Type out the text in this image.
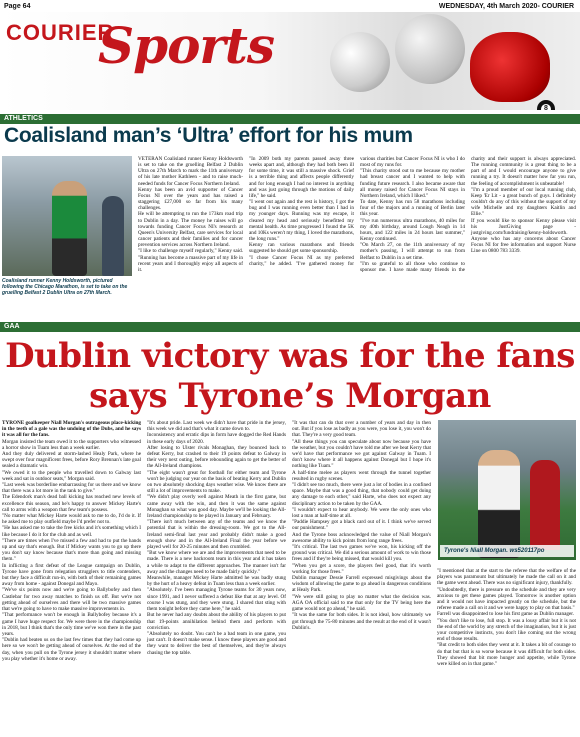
Page 64	WEDNESDAY, 4th March 2020- COURIER
COURIER
Sports
8
ATHLETICS
Coalisland man’s ‘Ultra’ effort for his mum
Coalisland runner Kenny Holdsworth, pictured following the Chicago Marathon, is set to take on the gruelling Belfast 2 Dublin Ultra on 27th March.

VETERAN Coalisland runner Kenny Holdsworth is set to take on the gruelling Belfast 2 Dublin Ultra on 27th March to mark the 11th anniversary of his late mother Kathleen - and to raise much-needed funds for Cancer Focus Northern Ireland.

Kenny has been an avid supporter of Cancer Focus NI over the years and has raised a staggering £27,000 so far from his many challenges.

He will be attempting to run the 173km road trip to Dublin in a day. The money he raises will go towards funding Cancer Focus NI's research at Queen's University Belfast, care services for local cancer patients and their families and for cancer prevention services across Northern Ireland.

"I like to challenge myself regularly," Kenny said. "Running has become a massive part of my life in recent years and I thoroughly enjoy all aspects of it.

"In 2009 both my parents passed away three weeks apart and, although they had both been ill for some time, it was still a massive shock. Grief is a terrible thing and affects people differently and for long enough I had no interest in anything and was just going through the motions of daily life," he said.

"I went out again and the rest is history, I got the bug and I was running even better than I had in my younger days. Running was my escape, it cleared my head and seriously benefitted my mental health. As time progressed I found the 5K and 10Ks weren't my thing, I loved the marathons, the long runs."

Kenny ran various marathons and friends suggested he should get some sponsorship.

"I chose Cancer Focus NI as my preferred charity," he added. "I've gathered money for various charities but Cancer Focus NI is who I do most of my runs for.

"This charity stood out to me because my mother had breast cancer and I wanted to help with funding future research. I also became aware that all money raised for Cancer Focus NI stays in Northern Ireland, which I liked."

To date, Kenny has run 58 marathons including four of the majors and a running of Berlin later this year.

"I've run numerous ultra marathons, 40 miles for my 40th birthday, around Lough Neagh in 14 hours, and 122 miles in 24 hours last summer," Kenny continued.

"On March 27, on the 11th anniversary of my mother's passing, I will attempt to run from Belfast to Dublin in a set time.

"I'm so grateful to all those who continue to sponsor me. I have made many friends in the charity and their support is always appreciated. The running community is a great thing to be a part of and I would encourage anyone to give running a try. It doesn't matter how far you run, the feeling of accomplishment is unbeatable!

"I'm a proud member of our local running club, Keep 'Er Lit - a great bunch of guys. I definitely couldn't do any of this without the support of my wife Michelle and my daughters Kaitlin and Ellie."

If you would like to sponsor Kenny please visit his JustGiving page - justgiving.com/fundraising/kenny-holdsworth.

Anyone who has any concerns about Cancer Focus NI for free information and support Nurse Line on 0800 783 3339.

GAA
Dublin victory was for the fans says Tyrone’s Morgan

TYRONE goalkeeper Niall Morgan's outrageous place-kicking in the teeth of a gale was the undoing of the Dubs, and he says it was all for the fans.

Morgan insisted the team owed it to the supporters who witnessed a horror show in Tuam less than a week earlier.

And they duly delivered at storm-lashed Healy Park, where he swept over four magnificent frees, before Rory Brennan's late goal sealed a dramatic win.

"We owed it to the people who travelled down to Galway last week and sat in outdoor seats," Morgan said.

"Last week was borderline embarrassing for us there and we know that there was a lot more in the tank to give."

The Edendork man's dead ball kicking has reached new levels of excellence this season, and he's happy to answer Mickey Harte's call to arms with a weapon that few team's possess.

"No matter what Mickey Harte would ask to me to do, I'd do it. If he asked me to play outfield maybe I'd prefer not to.

"He has asked me to take the free kicks and it's something which I like because I do it for the club and as well.

"There are times when I've missed a few and had to put the hands up and say that's enough. But if Mickey wants you to go up there you don't say know because that's more than going and missing them."

In inflicting a first defeat of the League campaign on Dublin, Tyrone have gone from relegation strugglers to title contenders, but they face a difficult run-in, with both of their remaining games away from home - against Donegal and Mayo.

"We've six points now and we're going to Ballybofey and then Castlebar for two away matches to finish us off. But we're not getting ahead of ourselves and there will be two massive games that we're going to have to make massive improvements in.

"That performance won't be enough in Ballybofey because it's a game I have huge respect for. We were there in the championship in 2018, but I think that's the only time we've won there in the past years.

"Dublin had beaten us on the last few times that they had come up here so we won't be getting ahead of ourselves. At the end of the day, when you pull on the Tyrone jersey it shouldn't matter where you play whether it's home or away.

"It's about pride. Last week we didn't have that pride in the jersey, this week we did and that's what it came down to.

Inconsistency and erratic dips in form have dogged the Red Hands in these early days of 2020.

After losing to Ulster rivals Monaghan, they bounced back to defeat Kerry, but crashed to their 19 points defeat to Galway in their very next outing, before rebounding again to get the better of the All-Ireland champions.

"The eight wasn't great for football for either team and Tyrone won't be judging our year on the basis of beating Kerry and Dublin on two absolutely shocking days weather wise. We know there are still a lot of improvements to make.

"We didn't play overly well against Meath in the first game, but came away with the win, and then it was the same against Monaghan so what was good day. Maybe we'll be looking the All-Ireland championship to be played in January and February.

"There isn't much between any of the teams and we know the potential that is within the dressing-room. We got to the All-Ireland semi-final last year and probably didn't make a good enough show and in the All-Ireland Final the year before we played well for 20-25 minutes and then crumbled.

"But we know where we are and the improvements that need to be made. There is a new backroom team in this year and it has taken a while to adapt to the different approaches. The manner isn't far away and the changes need to be made fairly quickly."

Meanwhile, manager Mickey Harte admitted he was badly stung by the hurt of a heavy defeat in Tuam less than a week earlier.

"Absolutely. I've been managing Tyrone teams for 30 years now, since 1991, and I never suffered a defeat like that at any level. Of course I was stung, and they were stung. I shared that sting with them tonight before they came here," he said.

But he never had any doubts about the ability of his players to put that 19-points annihilation behind them and perform with conviction.

"Absolutely no doubt. You can't be a bad team in one game, you just can't. It doesn't make sense. I know these players are good and they want to deliver the best of themselves, and they're always chasing the top table.

"It was that can do that over a number of years and day in then out. But if you lose as badly as you were, you lose it, you won't do that. They're a very good team.

"All these things you can speculate about now because you have the weather, but you couldn't have told me after we beat Kerry that we'd have that performance we got against Galway in Tuam. I don't know where it all happens against Donegal but I hope it's nothing like Tuam."

A half-time melee as players went through the tunnel together resulted in rugby scenes.

"I didn't see too much, there were just a lot of bodies in a confined space. Maybe that was a good thing, that nobody could get doing any damage to each other," said Harte, who does not expect any disciplinary action to be taken by the GAA.

"I wouldn't expect to hear anybody. We were the only ones who lost a man at half-time at all.

"Paddie Hampsey got a black card out of it. I think we've served our punishment."

And the Tyrone boss acknowledged the value of Niall Morgan's awesome ability to kick points from long range frees.

"It's critical. The last two games we've won, his kicking off the ground was critical. We did a serious amount of work to win those frees and if they're being missed, that would kill you.

"When you get a score, the players feel good, that it's worth working for those frees."

Dublin manager Dessie Farrell expressed misgivings about the wisdom of allowing the game to go ahead in dangerous conditions at Healy Park.

"We were still going to play no matter what the decision was. AGA OA official said to me that only for the TV being here the game would not go ahead," he said.

"It was the same for both sides. It is not ideal, how ultimately we got through the 75-80 minutes and the result at the end of it wasn't Dublin's.

"I mentioned that at the start to the referee that the welfare of the players was paramount but ultimately he made the call on it and the game went ahead. There was no significant injury, thankfully.

"Undoubtedly, there is pressure on the schedule and they are very anxious to get these games played. Tomorrow is another option and it would not have impacted greatly on the schedule, but the referee made a call on it and we were happy to play on that basis."

Farrell was disappointed to lose his first game as Dublin manager.

"You don't like to lose, full stop. It was a lousy affair but it is not the end of the world by any stretch of the imagination, but it is just your competitive instincts, you don't like coming out the wrong end of those results.

"But credit to both sides they went at it. It takes a bit of courage to do that but that is so worse because it was difficult for both sides. They showed that bit more hunger and appetite, while Tyrone were killed on in that game."

Tyrone's Niall Morgan. ws520117po
